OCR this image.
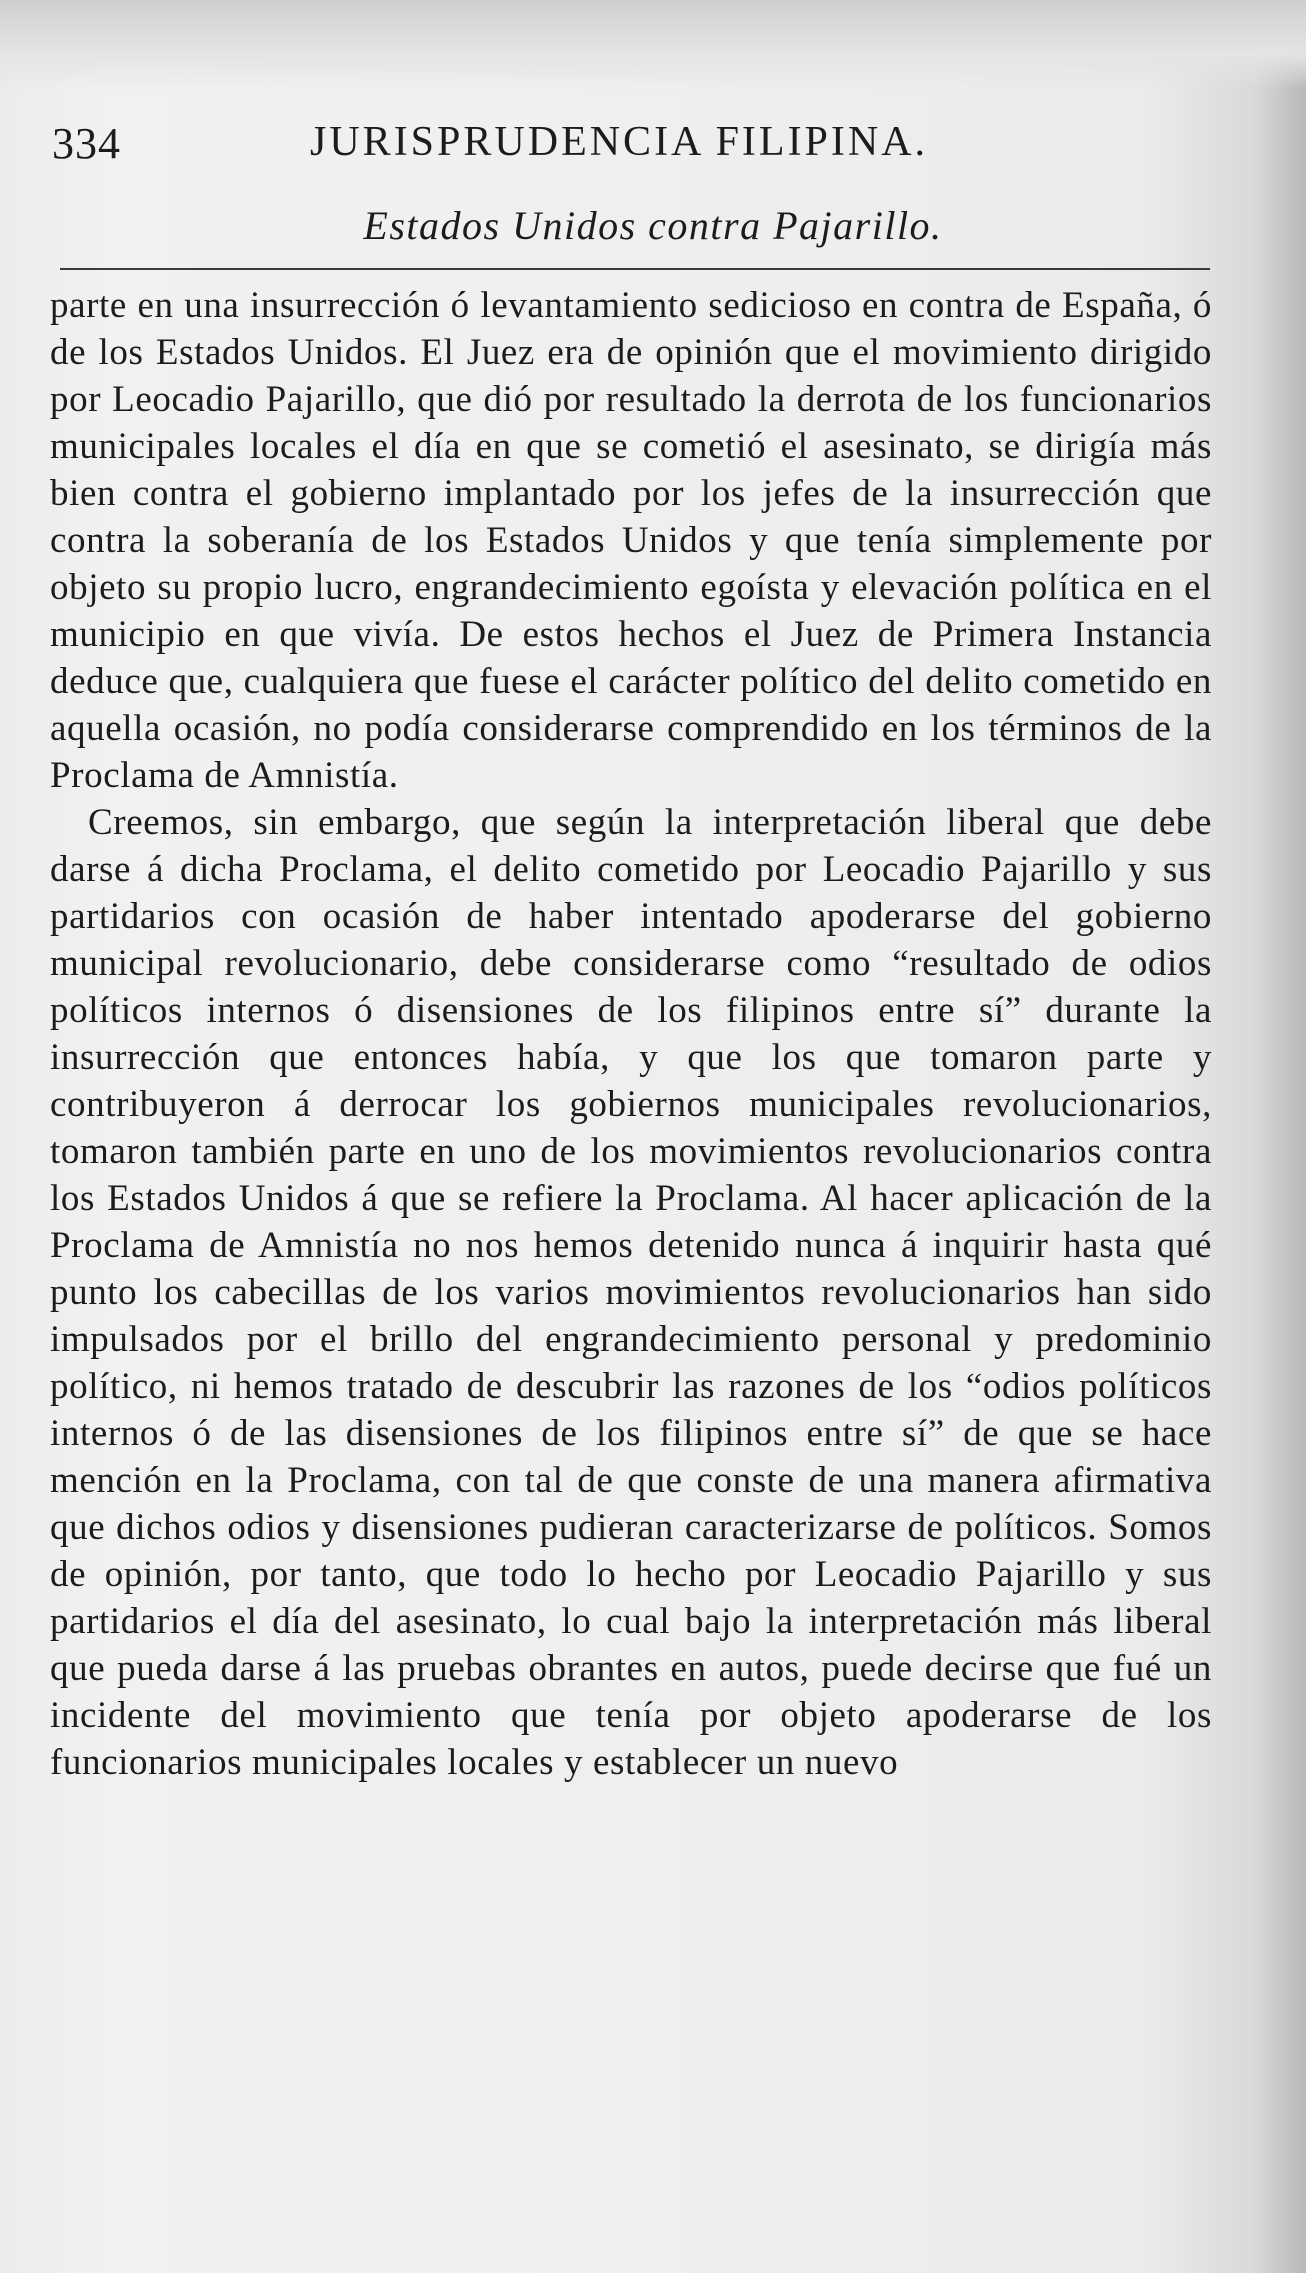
334	JURISPRUDENCIA FILIPINA.
Estados Unidos contra Pajarillo.

parte en una insurrección ó levantamiento sedicioso en contra de España, ó de los Estados Unidos. El Juez era de opinión que el movimiento dirigido por Leocadio Pajarillo, que dió por resultado la derrota de los funcionarios municipales locales el día en que se cometió el asesinato, se dirigía más bien contra el gobierno implantado por los jefes de la insurrección que contra la soberanía de los Estados Unidos y que tenía simplemente por objeto su propio lucro, engrandecimiento egoísta y elevación política en el municipio en que vivía. De estos hechos el Juez de Primera Instancia deduce que, cualquiera que fuese el carácter político del delito cometido en aquella ocasión, no podía considerarse comprendido en los términos de la Proclama de Amnistía.

Creemos, sin embargo, que según la interpretación liberal que debe darse á dicha Proclama, el delito cometido por Leocadio Pajarillo y sus partidarios con ocasión de haber intentado apoderarse del gobierno municipal revolucionario, debe considerarse como “resultado de odios políticos internos ó disensiones de los filipinos entre sí” durante la insurrección que entonces había, y que los que tomaron parte y contribuyeron á derrocar los gobiernos municipales revolucionarios, tomaron también parte en uno de los movimientos revolucionarios contra los Estados Unidos á que se refiere la Proclama. Al hacer aplicación de la Proclama de Amnistía no nos hemos detenido nunca á inquirir hasta qué punto los cabecillas de los varios movimientos revolucionarios han sido impulsados por el brillo del engrandecimiento personal y predominio político, ni hemos tratado de descubrir las razones de los “odios políticos internos ó de las disensiones de los filipinos entre sí” de que se hace mención en la Proclama, con tal de que conste de una manera afirmativa que dichos odios y disensiones pudieran caracterizarse de políticos. Somos de opinión, por tanto, que todo lo hecho por Leocadio Pajarillo y sus partidarios el día del asesinato, lo cual bajo la interpretación más liberal que pueda darse á las pruebas obrantes en autos, puede decirse que fué un incidente del movimiento que tenía por objeto apoderarse de los funcionarios municipales locales y establecer un nuevo
